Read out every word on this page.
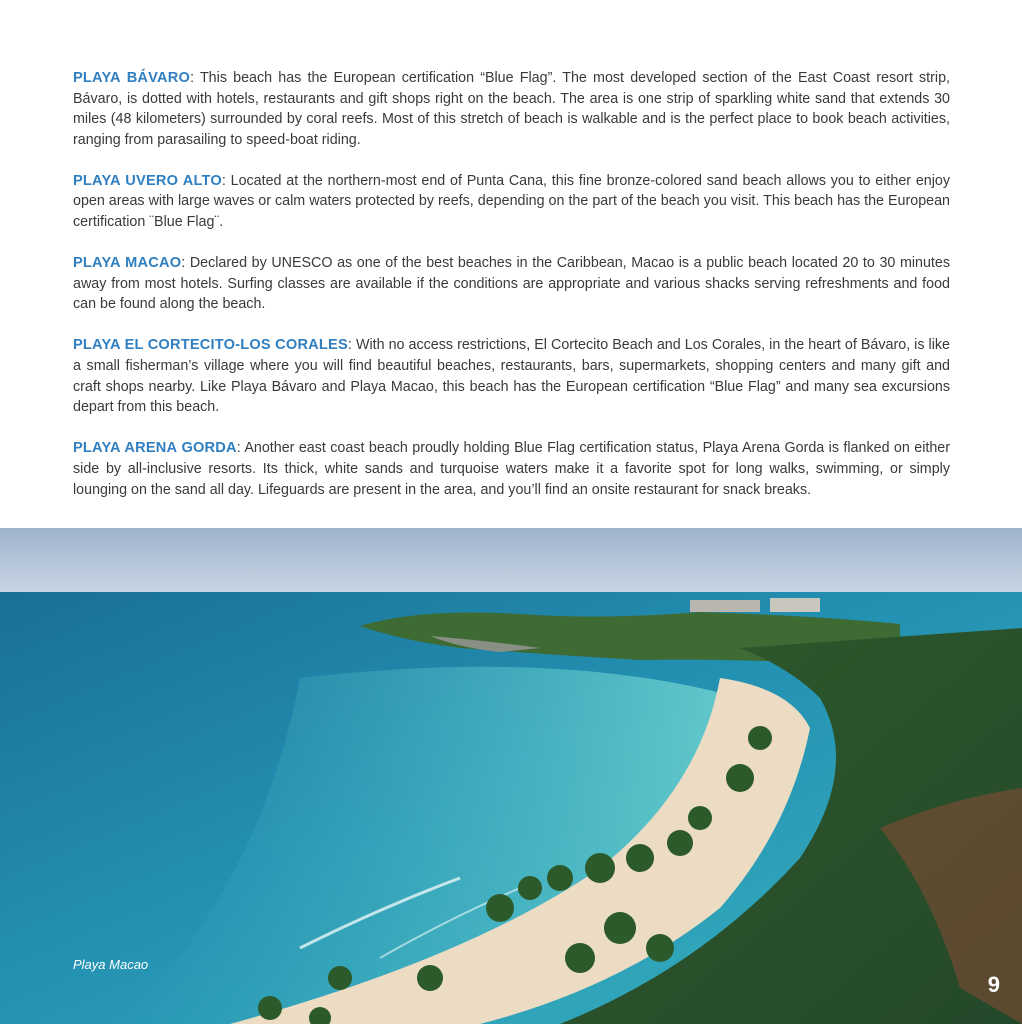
PLAYA BÁVARO: This beach has the European certification “Blue Flag”. The most developed section of the East Coast resort strip, Bávaro, is dotted with hotels, restaurants and gift shops right on the beach. The area is one strip of sparkling white sand that extends 30 miles (48 kilometers) surrounded by coral reefs. Most of this stretch of beach is walkable and is the perfect place to book beach activities, ranging from parasailing to speed-boat riding.

PLAYA UVERO ALTO: Located at the northern-most end of Punta Cana, this fine bronze-colored sand beach allows you to either enjoy open areas with large waves or calm waters protected by reefs, depending on the part of the beach you visit. This beach has the European certification ¨Blue Flag¨.

PLAYA MACAO: Declared by UNESCO as one of the best beaches in the Caribbean, Macao is a public beach located 20 to 30 minutes away from most hotels. Surfing classes are available if the conditions are appropriate and various shacks serving refreshments and food can be found along the beach.

PLAYA EL CORTECITO-LOS CORALES: With no access restrictions, El Cortecito Beach and Los Corales, in the heart of Bávaro, is like a small fisherman’s village where you will find beautiful beaches, restaurants, bars, supermarkets, shopping centers and many gift and craft shops nearby. Like Playa Bávaro and Playa Macao, this beach has the European certification “Blue Flag” and many sea excursions depart from this beach.

PLAYA ARENA GORDA: Another east coast beach proudly holding Blue Flag certification status, Playa Arena Gorda is flanked on either side by all-inclusive resorts. Its thick, white sands and turquoise waters make it a favorite spot for long walks, swimming, or simply lounging on the sand all day. Lifeguards are present in the area, and you’ll find an onsite restaurant for snack breaks.

Playa Macao
9
